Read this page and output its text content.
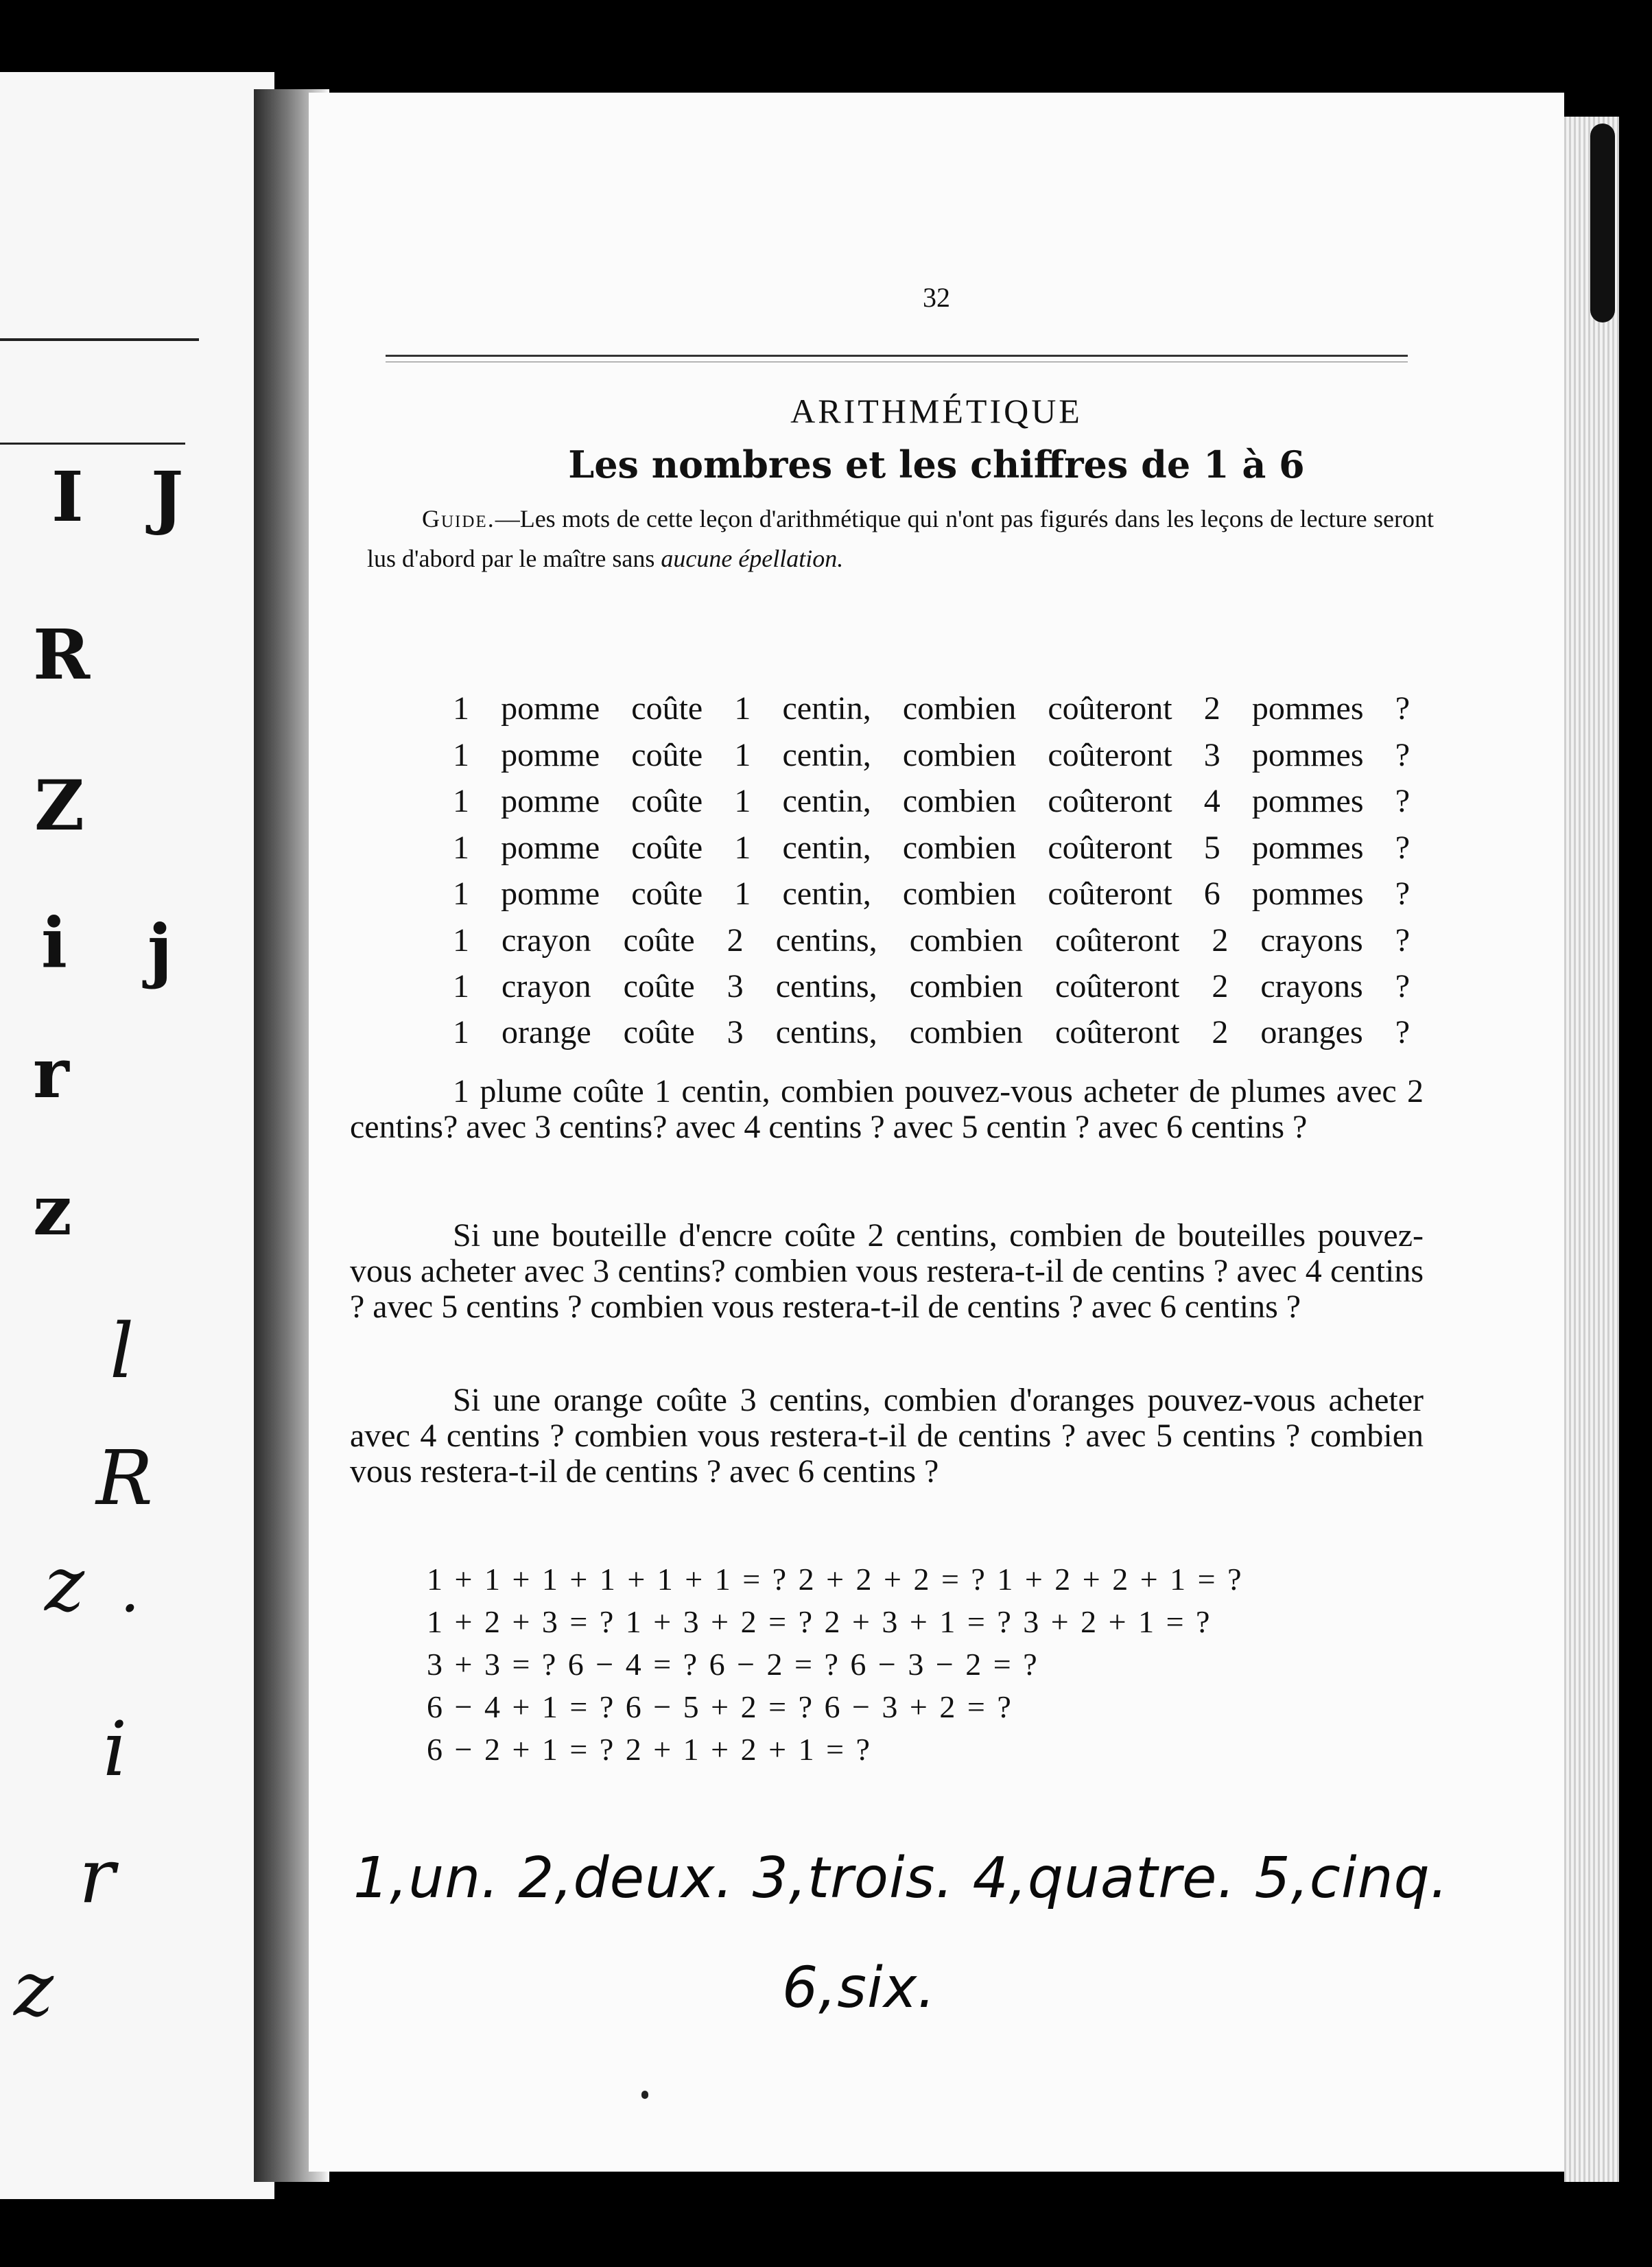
I J
R
Z
i j
r
z
l
R
z .
i
r
z
32
ARITHMÉTIQUE
Les nombres et les chiffres de 1 à 6
Guide.—Les mots de cette leçon d'arithmétique qui n'ont pas figurés dans les leçons de lecture seront lus d'abord par le maître sans aucune épellation.
1 pomme coûte 1 centin, combien coûteront 2 pommes ?
1 pomme coûte 1 centin, combien coûteront 3 pommes ?
1 pomme coûte 1 centin, combien coûteront 4 pommes ?
1 pomme coûte 1 centin, combien coûteront 5 pommes ?
1 pomme coûte 1 centin, combien coûteront 6 pommes ?
1 crayon coûte 2 centins, combien coûteront 2 crayons ?
1 crayon coûte 3 centins, combien coûteront 2 crayons ?
1 orange coûte 3 centins, combien coûteront 2 oranges ?
1 plume coûte 1 centin, combien pouvez-vous acheter de plumes avec 2 centins? avec 3 centins? avec 4 centins ? avec 5 centin ? avec 6 centins ?
Si une bouteille d'encre coûte 2 centins, combien de bouteilles pouvez-vous acheter avec 3 centins? combien vous restera-t-il de centins ? avec 4 centins ? avec 5 centins ? combien vous restera-t-il de centins ? avec 6 centins ?
Si une orange coûte 3 centins, combien d'oranges pouvez-vous acheter avec 4 centins ? combien vous restera-t-il de centins ? avec 5 centins ? combien vous restera-t-il de centins ? avec 6 centins ?
1 + 1 + 1 + 1 + 1 + 1 = ? 2 + 2 + 2 = ? 1 + 2 + 2 + 1 = ?
1 + 2 + 3 = ? 1 + 3 + 2 = ? 2 + 3 + 1 = ? 3 + 2 + 1 = ?
3 + 3 = ? 6 − 4 = ? 6 − 2 = ? 6 − 3 − 2 = ?
6 − 4 + 1 = ? 6 − 5 + 2 = ? 6 − 3 + 2 = ?
6 − 2 + 1 = ? 2 + 1 + 2 + 1 = ?
1,un. 2,deux. 3,trois. 4,quatre. 5,cinq.
6,six.
